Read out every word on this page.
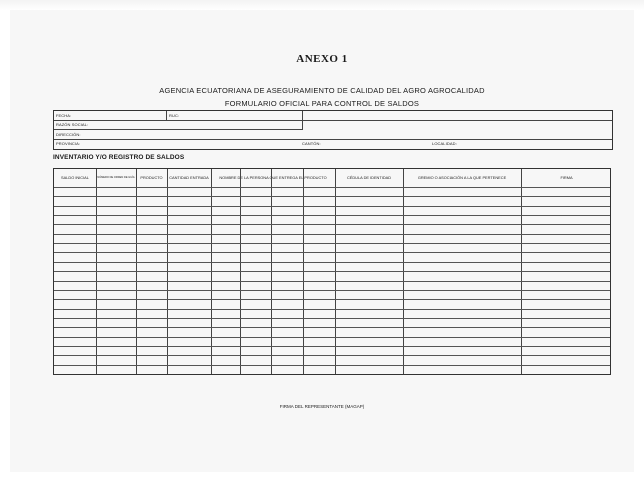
ANEXO 1
AGENCIA ECUATORIANA DE ASEGURAMIENTO DE CALIDAD DEL AGRO AGROCALIDAD
FORMULARIO OFICIAL PARA CONTROL DE SALDOS
FECHA:	RUC:
RAZÓN SOCIAL:
DIRECCIÓN:
PROVINCIA:	CANTÓN:	LOCALIDAD:
INVENTARIO Y/O REGISTRO DE SALDOS
SALDO INICIAL	NÚMERO DE ORDEN DE GUÍA	PRODUCTO	CANTIDAD ENTRADA	NOMBRE DE LA PERSONA QUE ENTREGA EL PRODUCTO	CÉDULA DE IDENTIDAD	GREMIO O ASOCIACIÓN A LA QUE PERTENECE	FIRMA
FIRMA DEL REPRESENTANTE (MAGAP)
